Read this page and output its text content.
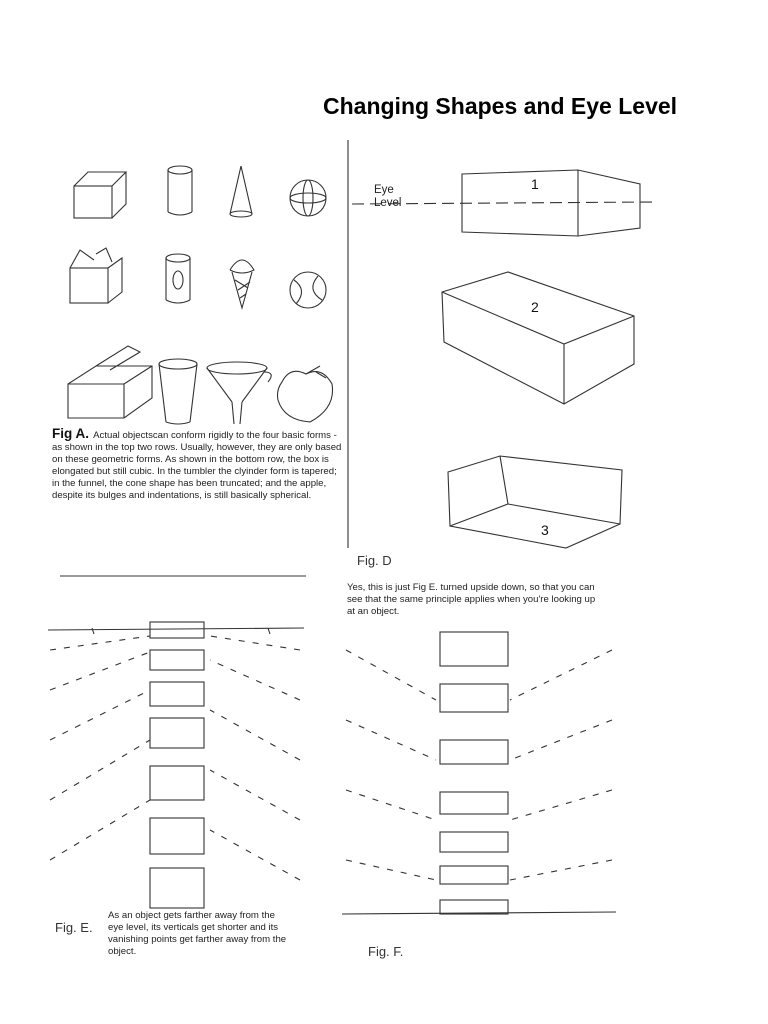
Changing Shapes and Eye Level
Eye
Level
1
2
3
Fig A. Actual objectscan conform rigidly to the four basic forms - as shown in the top two rows. Usually, however, they are only based on these geometric forms. As shown in the bottom row, the box is elongated but still cubic. In the tumbler the clyinder form is tapered; in the funnel, the cone shape has been truncated; and the apple, despite its bulges and indentations, is still basically spherical.
Fig. D
Yes, this is just Fig E. turned upside down, so that you can see that the same principle applies when you're looking up at an object.
Fig. E.
As an object gets farther away from the eye level, its verticals get shorter and its vanishing points get farther away from the object.	Fig. F.
